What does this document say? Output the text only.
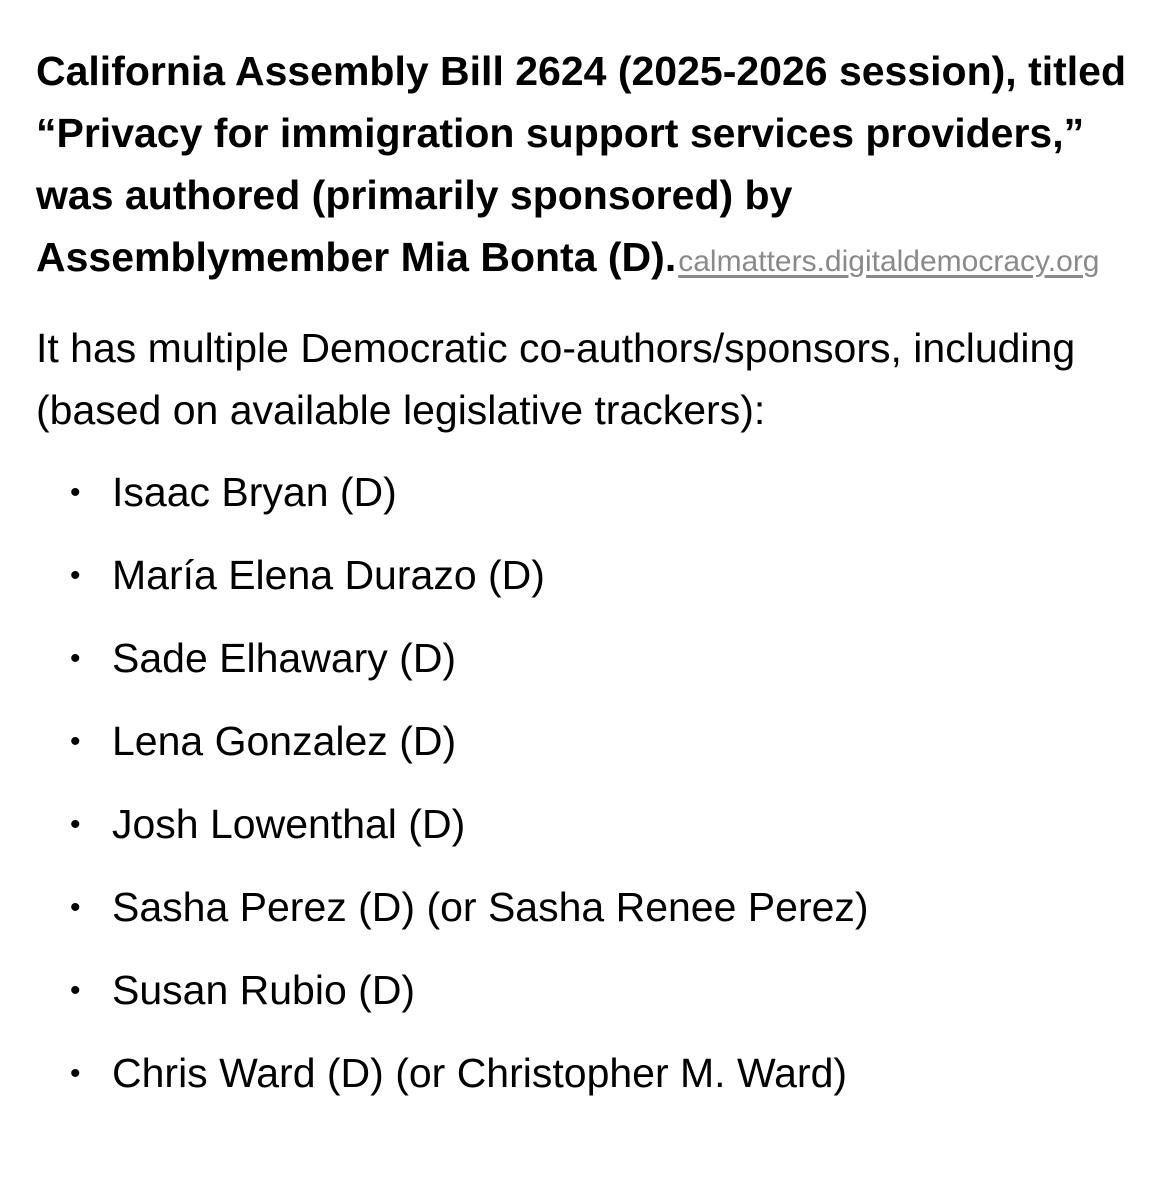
California Assembly Bill 2624 (2025-2026 session), titled “Privacy for immigration support services providers,” was authored (primarily sponsored) by Assemblymember Mia Bonta (D).calmatters.digitaldemocracy.org

It has multiple Democratic co-authors/sponsors, including (based on available legislative trackers):

• Isaac Bryan (D)
• María Elena Durazo (D)
• Sade Elhawary (D)
• Lena Gonzalez (D)
• Josh Lowenthal (D)
• Sasha Perez (D) (or Sasha Renee Perez)
• Susan Rubio (D)
• Chris Ward (D) (or Christopher M. Ward)
